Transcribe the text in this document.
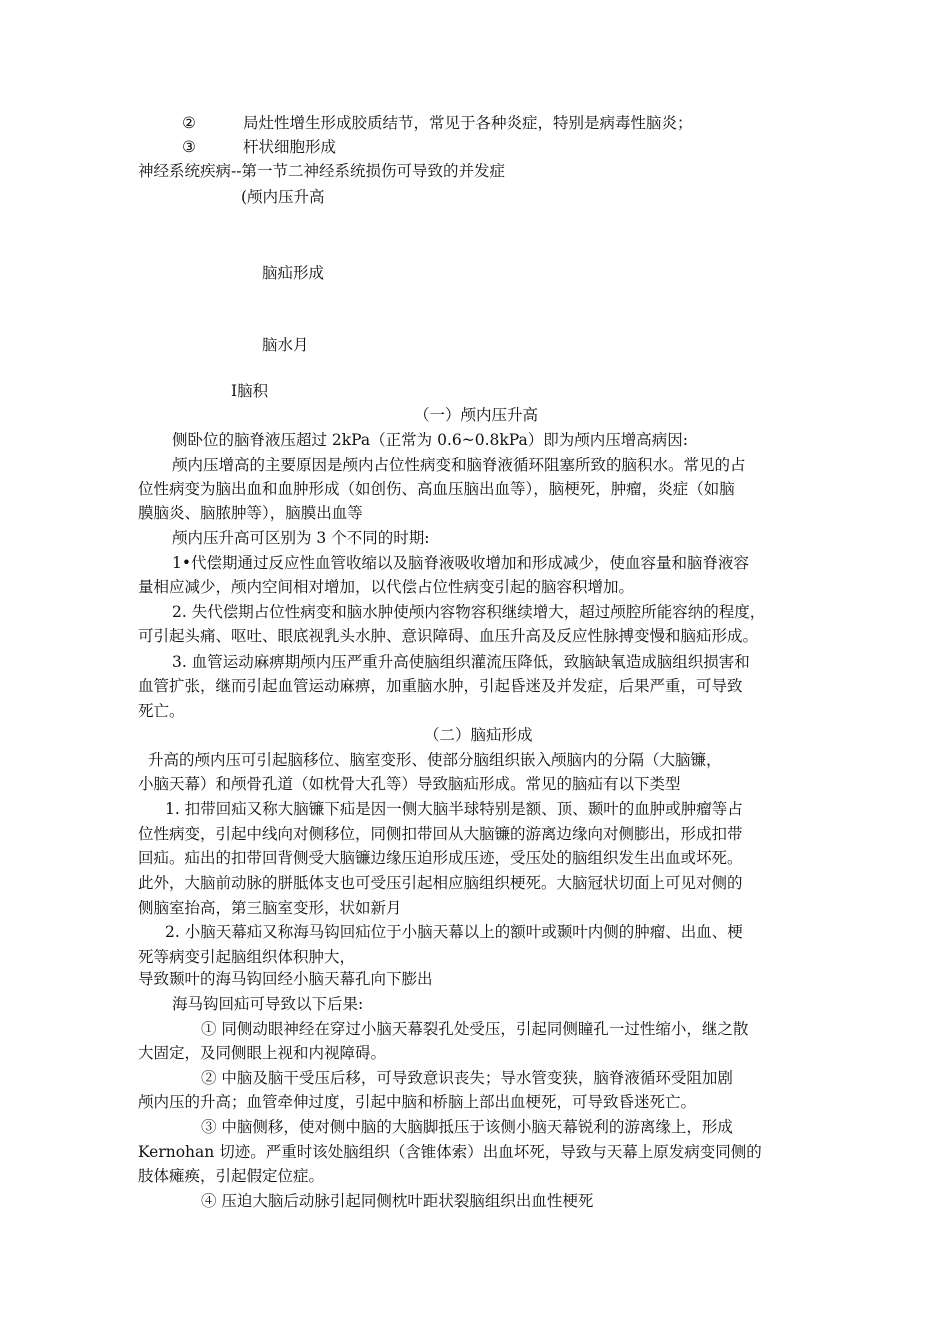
②	局灶性增生形成胶质结节，常见于各种炎症，特别是病毒性脑炎；
③	杆状细胞形成
神经系统疾病--第一节二神经系统损伤可导致的并发症
(颅内压升高
脑疝形成
脑水月
I脑积
（一）颅内压升高
侧卧位的脑脊液压超过 2kPa（正常为 0.6~0.8kPa）即为颅内压增高病因:
颅内压增高的主要原因是颅内占位性病变和脑脊液循环阻塞所致的脑积水。常见的占
位性病变为脑出血和血肿形成（如创伤、高血压脑出血等），脑梗死，肿瘤，炎症（如脑
膜脑炎、脑脓肿等），脑膜出血等
颅内压升高可区别为 3 个不同的时期:
1•代偿期通过反应性血管收缩以及脑脊液吸收增加和形成减少，使血容量和脑脊液容
量相应减少，颅内空间相对增加，以代偿占位性病变引起的脑容积增加。
2. 失代偿期占位性病变和脑水肿使颅内容物容积继续增大，超过颅腔所能容纳的程度，
可引起头痛、呕吐、眼底视乳头水肿、意识障碍、血压升高及反应性脉搏变慢和脑疝形成。
3. 血管运动麻痹期颅内压严重升高使脑组织灌流压降低，致脑缺氧造成脑组织损害和
血管扩张，继而引起血管运动麻痹，加重脑水肿，引起昏迷及并发症，后果严重，可导致
死亡。
（二）脑疝形成
升高的颅内压可引起脑移位、脑室变形、使部分脑组织嵌入颅脑内的分隔（大脑镰，
小脑天幕）和颅骨孔道（如枕骨大孔等）导致脑疝形成。常见的脑疝有以下类型
1. 扣带回疝又称大脑镰下疝是因一侧大脑半球特别是额、顶、颞叶的血肿或肿瘤等占
位性病变，引起中线向对侧移位，同侧扣带回从大脑镰的游离边缘向对侧膨出，形成扣带
回疝。疝出的扣带回背侧受大脑镰边缘压迫形成压迹，受压处的脑组织发生出血或坏死。
此外，大脑前动脉的胼胝体支也可受压引起相应脑组织梗死。大脑冠状切面上可见对侧的
侧脑室抬高，第三脑室变形，状如新月
2. 小脑天幕疝又称海马钩回疝位于小脑天幕以上的额叶或颞叶内侧的肿瘤、出血、梗
死等病变引起脑组织体积肿大，
导致颞叶的海马钩回经小脑天幕孔向下膨出
海马钩回疝可导致以下后果:
① 同侧动眼神经在穿过小脑天幕裂孔处受压，引起同侧瞳孔一过性缩小，继之散
大固定，及同侧眼上视和内视障碍。
② 中脑及脑干受压后移，可导致意识丧失；导水管变狭，脑脊液循环受阻加剧
颅内压的升高；血管牵伸过度，引起中脑和桥脑上部出血梗死，可导致昏迷死亡。
③ 中脑侧移，使对侧中脑的大脑脚抵压于该侧小脑天幕锐利的游离缘上，形成
Kernohan 切迹。严重时该处脑组织（含锥体索）出血坏死，导致与天幕上原发病变同侧的
肢体瘫痪，引起假定位症。
④ 压迫大脑后动脉引起同侧枕叶距状裂脑组织出血性梗死
